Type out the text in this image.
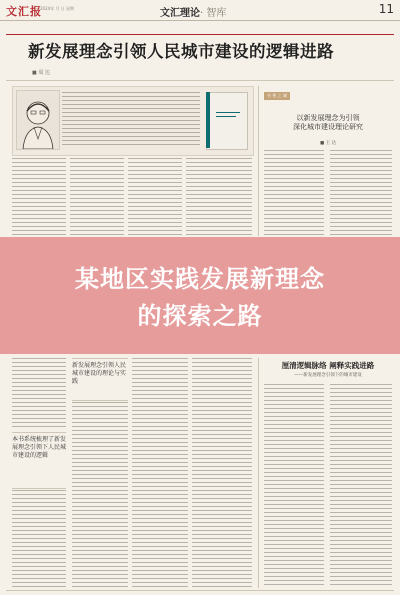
文汇报
2024年 月 日 星期	文汇理论· 智库	11
新发展理念引领人民城市建设的逻辑进路
■ 周 达
书 香 之 城
以新发展理念为引领
深化城市建设理论研究
■ 王 达
本书系统梳理了新发展理念引领下人民城市建设的逻辑
新发展理念引领人民城市建设的理论与实践
厘清逻辑脉络 阐释实践进路
——新发展理念引领下的城市建设
某地区实践发展新理念
的探索之路
